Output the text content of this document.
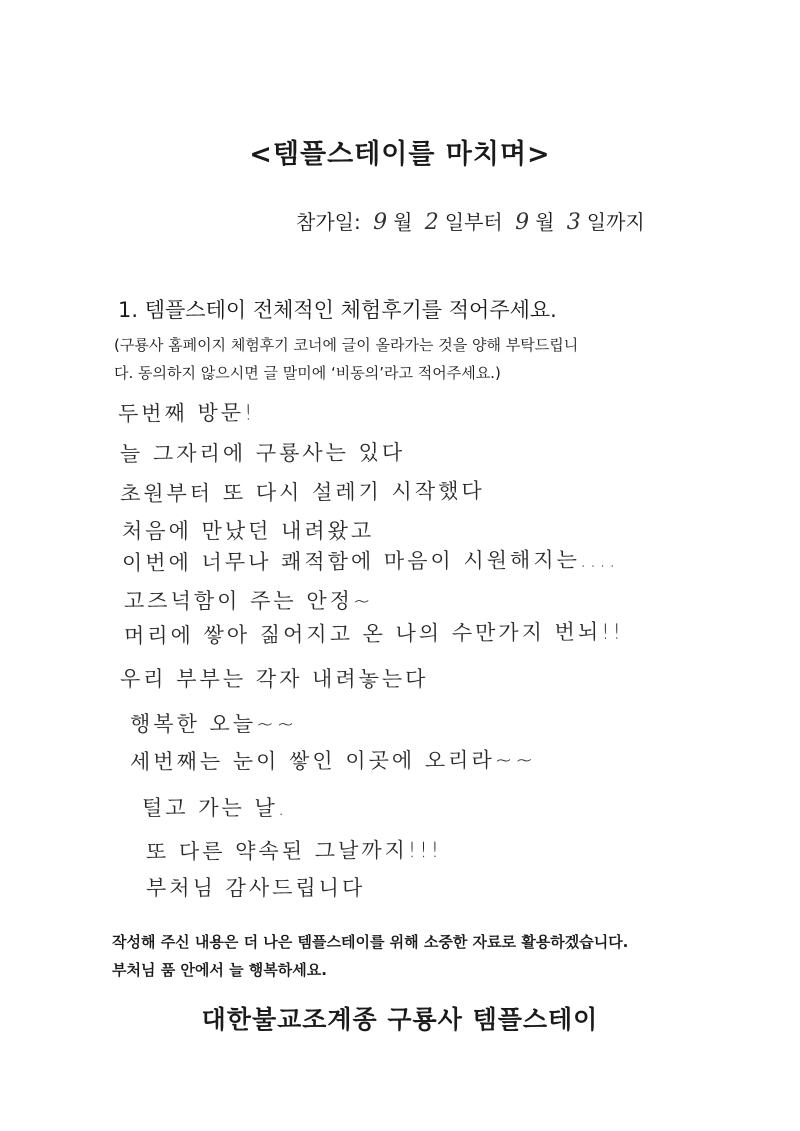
<템플스테이를 마치며>
참가일: 9 월 2 일부터 9 월 3 일까지
1. 템플스테이 전체적인 체험후기를 적어주세요.
(구룡사 홈페이지 체험후기 코너에 글이 올라가는 것을 양해 부탁드립니
다. 동의하지 않으시면 글 말미에 ‘비동의’라고 적어주세요.)
두번째 방문!
늘 그자리에 구룡사는 있다
초원부터 또 다시 설레기 시작했다
처음에 만났던 내려왔고
이번에 너무나 쾌적함에 마음이 시원해지는....
고즈넉함이 주는 안정~
머리에 쌓아 짊어지고 온 나의 수만가지 번뇌!!
우리 부부는 각자 내려놓는다
행복한 오늘~~
세번째는 눈이 쌓인 이곳에 오리라~~
털고 가는 날.
또 다른 약속된 그날까지!!!
부처님 감사드립니다
작성해 주신 내용은 더 나은 템플스테이를 위해 소중한 자료로 활용하겠습니다.
부처님 품 안에서 늘 행복하세요.
대한불교조계종 구룡사 템플스테이
